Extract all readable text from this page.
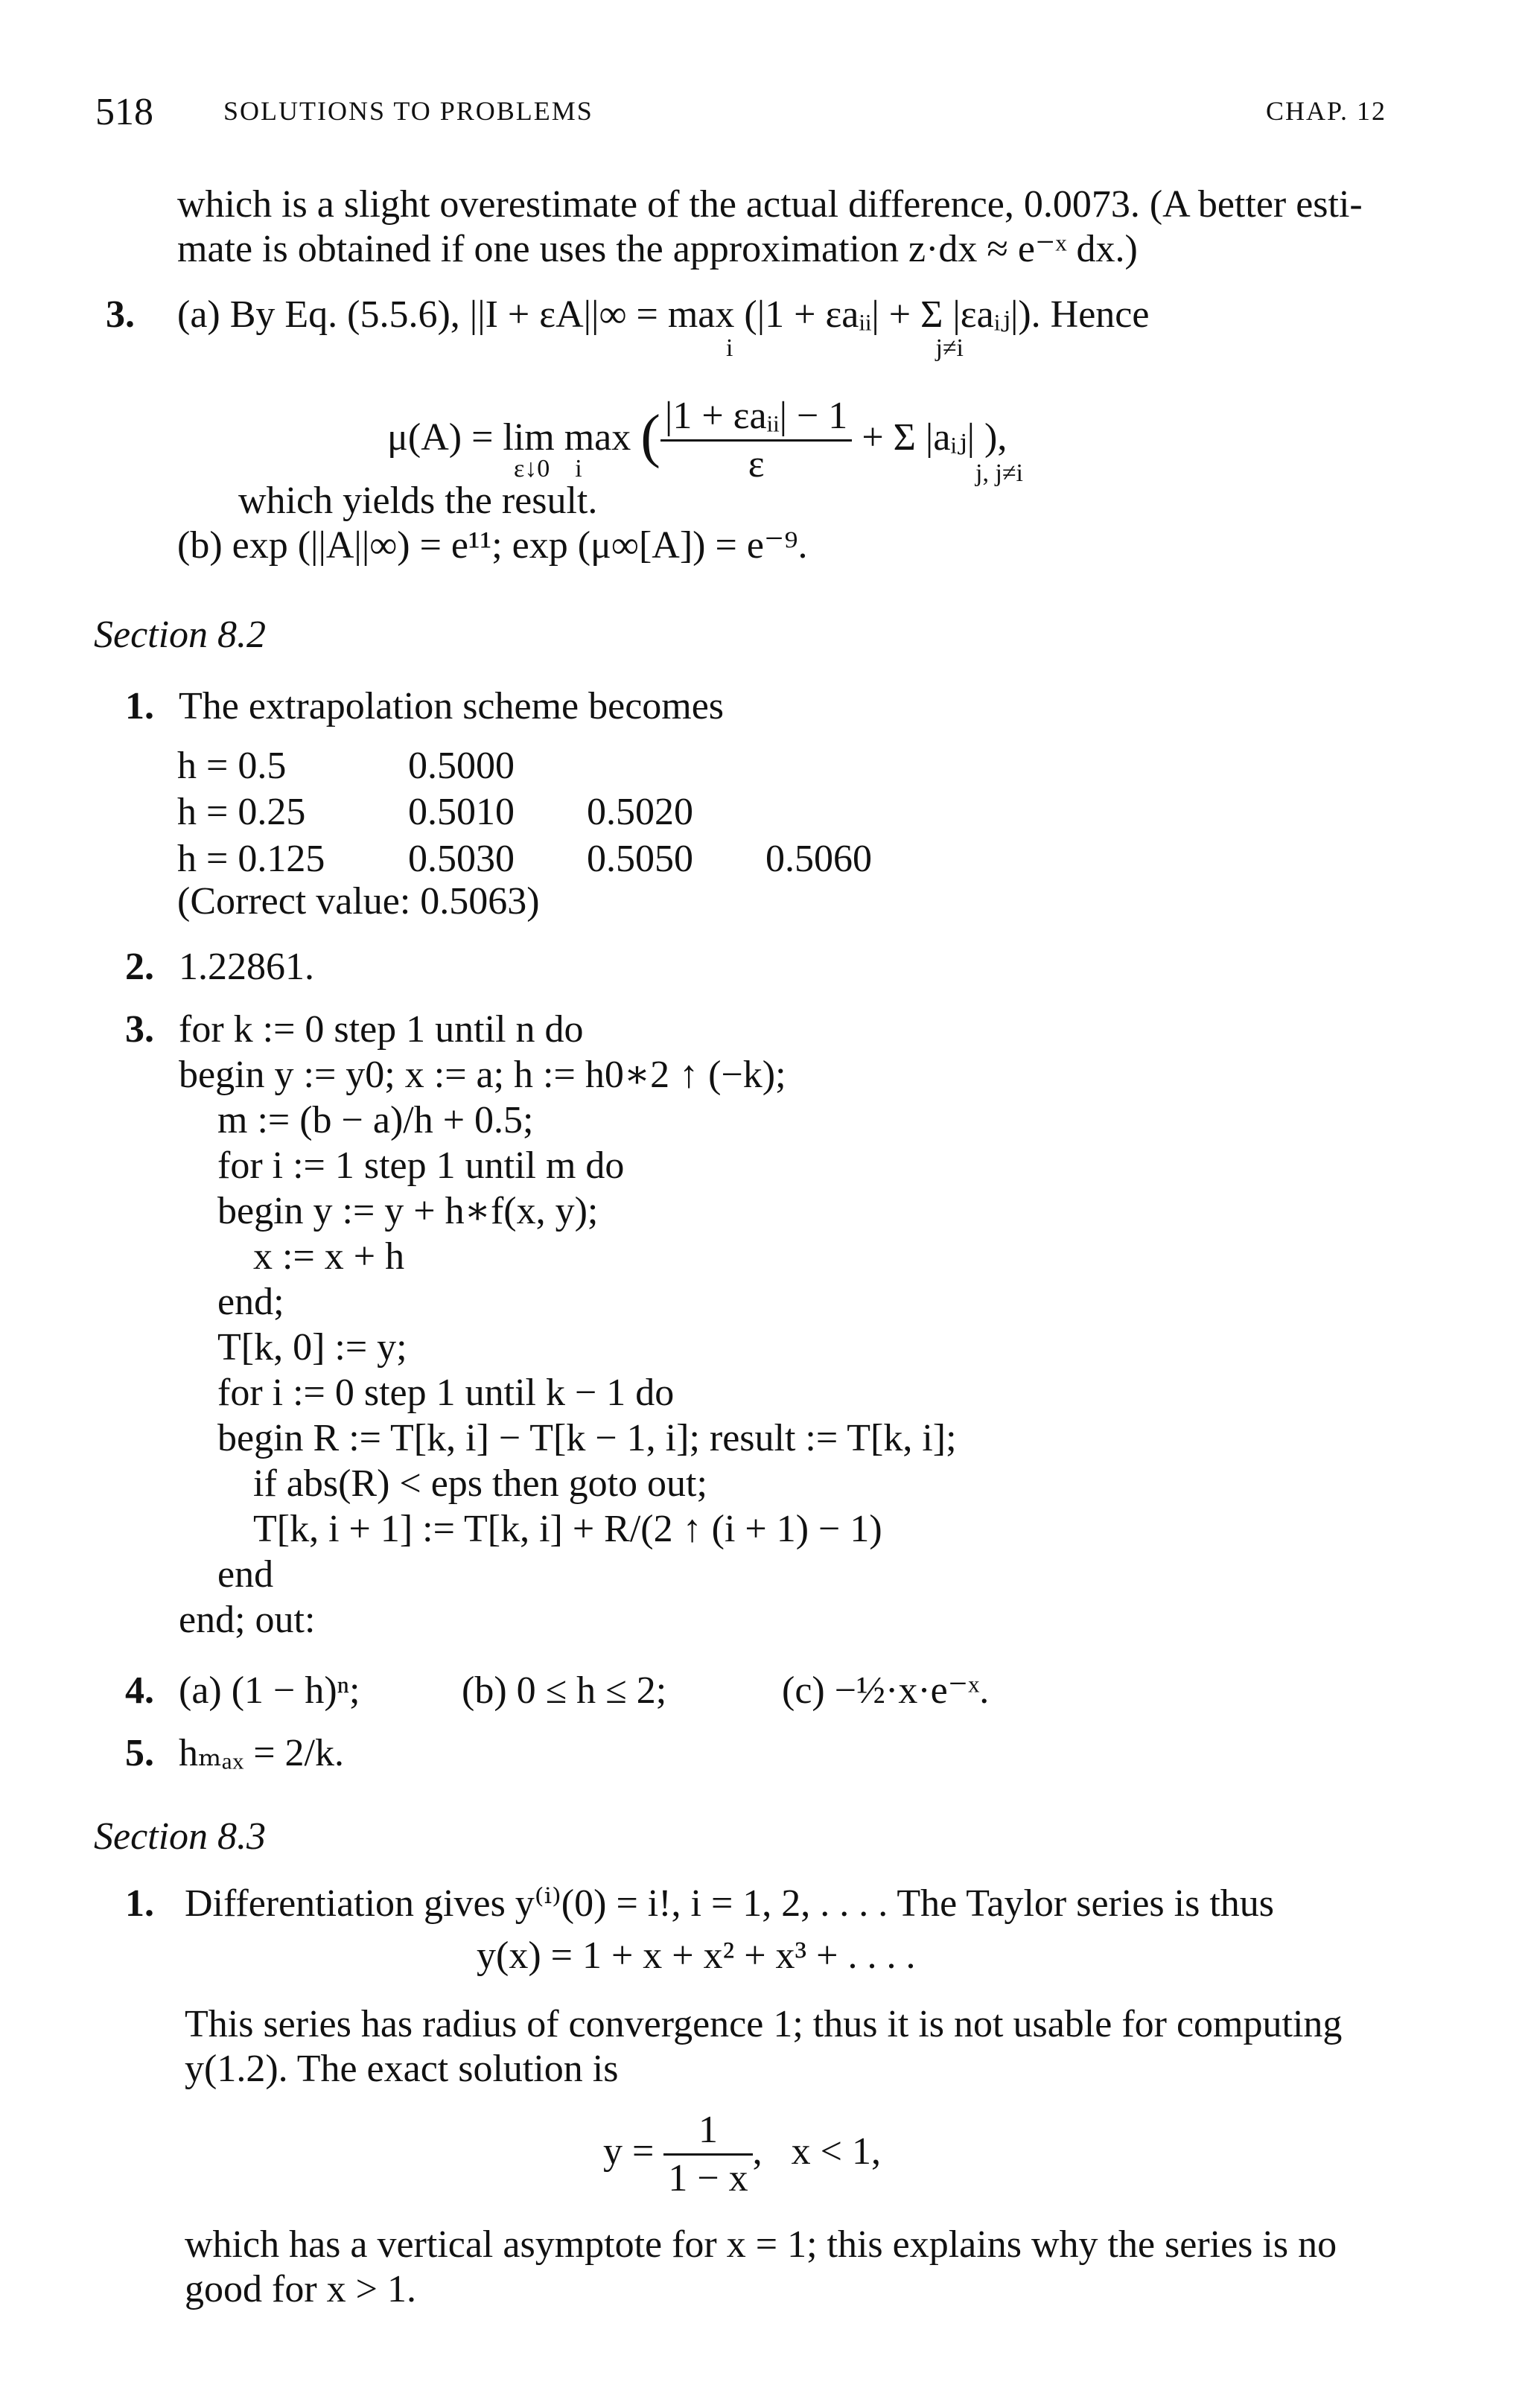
518	SOLUTIONS TO PROBLEMS	CHAP. 12
which is a slight overestimate of the actual difference, 0.0073. (A better esti-
mate is obtained if one uses the approximation z·dx ≈ e⁻ˣ dx.)
3. (a) By Eq. (5.5.6), ||I + εA||∞ = max (|1 + εaᵢᵢ| + Σ |εaᵢⱼ|). Hence
i                                j≠i
μ(A) = lim max ( $\frac{\text{|1 + εaᵢᵢ| − 1}}{\varepsilon} + \Sigma$ |aᵢⱼ| ),
ε↓0    i	j, j≠i
which yields the result.
(b) exp (||A||∞) = e¹¹; exp (μ∞[A]) = e⁻⁹.
Section 8.2
1. The extrapolation scheme becomes
h = 0.5	0.5000		
h = 0.25	0.5010	0.5020	
h = 0.125	0.5030	0.5050	0.5060
(Correct value: 0.5063)
2. 1.22861.
3. for k := 0 step 1 until n do
begin y := y0; x := a; h := h0∗2 ↑ (−k);
m := (b − a)/h + 0.5;
for i := 1 step 1 until m do
begin y := y + h∗f(x, y);
x := x + h
end;
T[k, 0] := y;
for i := 0 step 1 until k − 1 do
begin R := T[k, i] − T[k − 1, i]; result := T[k, i];
if abs(R) < eps then goto out;
T[k, i + 1] := T[k, i] + R/(2 ↑ (i + 1) − 1)
end
end; out:
4. (a) (1 − h)ⁿ;	(b) 0 ≤ h ≤ 2;	(c) −½·x·e⁻ˣ.
5. hₘₐₓ = 2/k.
Section 8.3
1. Differentiation gives y⁽ⁱ⁾(0) = i!, i = 1, 2, . . . . The Taylor series is thus
y(x) = 1 + x + x² + x³ + . . . .
This series has radius of convergence 1; thus it is not usable for computing
y(1.2). The exact solution is
$y = \frac{1}{1 - x}$ ,   x < 1,
which has a vertical asymptote for x = 1; this explains why the series is no
good for x > 1.
